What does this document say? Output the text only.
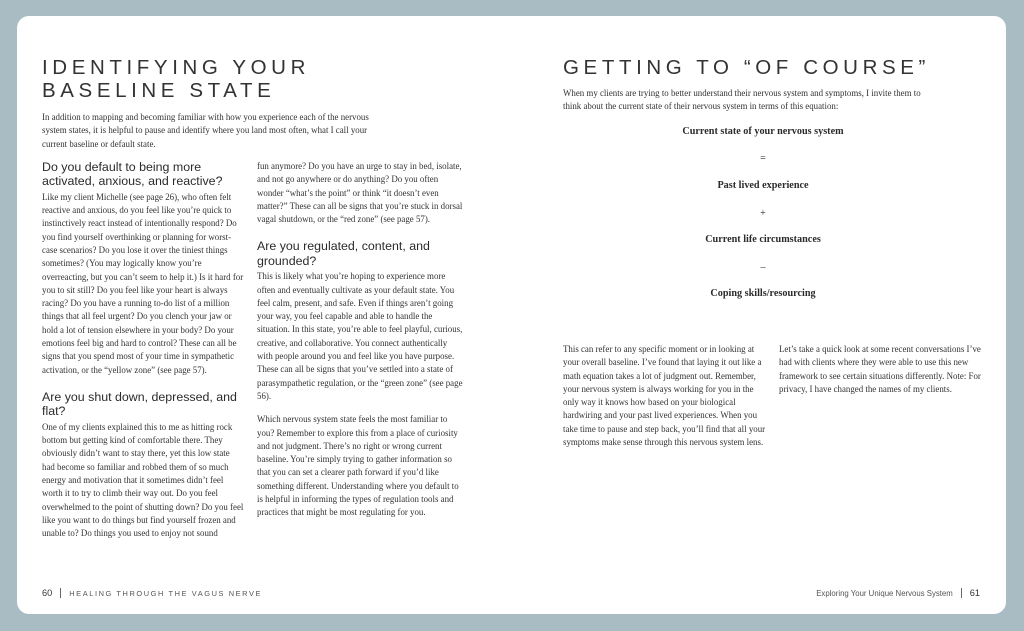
IDENTIFYING YOUR
BASELINE STATE

In addition to mapping and becoming familiar with how you experience each of the nervous system states, it is helpful to pause and identify where you land most often, what I call your current baseline or default state.

Do you default to being more activated, anxious, and reactive?

Like my client Michelle (see page 26), who often felt reactive and anxious, do you feel like you’re quick to instinctively react instead of intentionally respond? Do you find yourself overthinking or planning for worst-case scenarios? Do you lose it over the tiniest things sometimes? (You may logically know you’re overreacting, but you can’t seem to help it.) Is it hard for you to sit still? Do you feel like your heart is always racing? Do you have a running to-do list of a million things that all feel urgent? Do you clench your jaw or hold a lot of tension elsewhere in your body? Do your emotions feel big and hard to control? These can all be signs that you spend most of your time in sympathetic activation, or the “yellow zone” (see page 57).

Are you shut down, depressed, and flat?

One of my clients explained this to me as hitting rock bottom but getting kind of comfortable there. They obviously didn’t want to stay there, yet this low state had become so familiar and robbed them of so much energy and motivation that it sometimes didn’t feel worth it to try to climb their way out. Do you feel overwhelmed to the point of shutting down? Do you feel like you want to do things but find yourself frozen and unable to? Do things you used to enjoy not sound

fun anymore? Do you have an urge to stay in bed, isolate, and not go anywhere or do anything? Do you often wonder “what’s the point” or think “it doesn’t even matter?” These can all be signs that you’re stuck in dorsal vagal shutdown, or the “red zone” (see page 57).

Are you regulated, content, and grounded?

This is likely what you’re hoping to experience more often and eventually cultivate as your default state. You feel calm, present, and safe. Even if things aren’t going your way, you feel capable and able to handle the situation. In this state, you’re able to feel playful, curious, creative, and collaborative. You connect authentically with people around you and feel like you have purpose. These can all be signs that you’ve settled into a state of parasympathetic regulation, or the “green zone” (see page 56).

Which nervous system state feels the most familiar to you? Remember to explore this from a place of curiosity and not judgment. There’s no right or wrong current baseline. You’re simply trying to gather information so that you can set a clearer path forward if you’d like something different. Understanding where you default to is helpful in informing the types of regulation tools and practices that might be most regulating for you.

60 HEALING THROUGH THE VAGUS NERVE
GETTING TO “OF COURSE”

When my clients are trying to better understand their nervous system and symptoms, I invite them to think about the current state of their nervous system in terms of this equation:

Current state of your nervous system
=
Past lived experience
+
Current life circumstances
–
Coping skills/resourcing

This can refer to any specific moment or in looking at your overall baseline. I’ve found that laying it out like a math equation takes a lot of judgment out. Remember, your nervous system is always working for you in the only way it knows how based on your biological hardwiring and your past lived experiences. When you take time to pause and step back, you’ll find that all your symptoms make sense through this nervous system lens.

Let’s take a quick look at some recent conversations I’ve had with clients where they were able to use this new framework to see certain situations differently. Note: For privacy, I have changed the names of my clients.

Exploring Your Unique Nervous System 61
